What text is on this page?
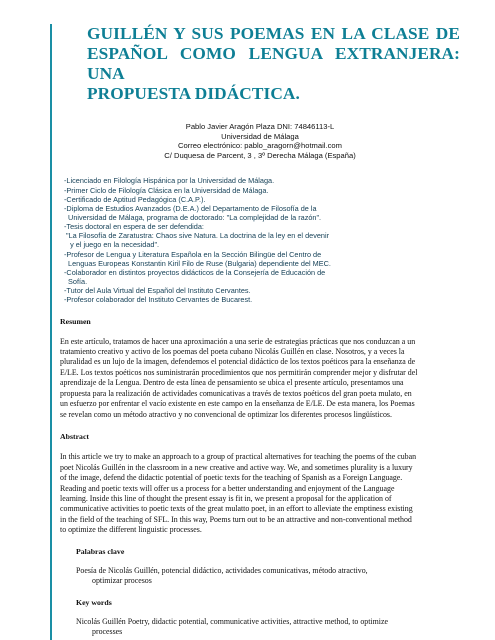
GUILLÉN Y SUS POEMAS EN LA CLASE DE
ESPAÑOL COMO LENGUA EXTRANJERA: UNA
PROPUESTA DIDÁCTICA.
Pablo Javier Aragón Plaza DNI: 74846113-L
Universidad de Málaga
Correo electrónico: pablo_aragorn@hotmail.com
C/ Duquesa de Parcent, 3 , 3º Derecha Málaga (España)
-Licenciado en Filología Hispánica por la Universidad de Málaga.
-Primer Ciclo de Filología Clásica en la Universidad de Málaga.
-Certificado de Aptitud Pedagógica (C.A.P.).
-Diploma de Estudios Avanzados (D.E.A.) del Departamento de Filosofía de la
Universidad de Málaga, programa de doctorado: "La complejidad de la razón".
-Tesis doctoral en espera de ser defendida:
"La Filosofía de Zaratustra: Chaos sive Natura. La doctrina de la ley en el devenir
y el juego en la necesidad".
-Profesor de Lengua y Literatura Española en la Sección Bilingüe del Centro de
Lenguas Europeas Konstantin Kiril Filo de Ruse (Bulgaria) dependiente del MEC.
-Colaborador en distintos proyectos didácticos de la Consejería de Educación de
Sofía.
-Tutor del Aula Virtual del Español del Instituto Cervantes.
-Profesor colaborador del Instituto Cervantes de Bucarest.
Resumen
En este artículo, tratamos de hacer una aproximación a una serie de estrategias prácticas que nos conduzcan a un
tratamiento creativo y activo de los poemas del poeta cubano Nicolás Guillén en clase. Nosotros, y a veces la
pluralidad es un lujo de la imagen, defendemos el potencial didáctico de los textos poéticos para la enseñanza de
E/LE. Los textos poéticos nos suministrarán procedimientos que nos permitirán comprender mejor y disfrutar del
aprendizaje de la Lengua. Dentro de esta línea de pensamiento se ubica el presente artículo, presentamos una
propuesta para la realización de actividades comunicativas a través de textos poéticos del gran poeta mulato, en
un esfuerzo por enfrentar el vacío existente en este campo en la enseñanza de E/LE. De esta manera, los Poemas
se revelan como un método atractivo y no convencional de optimizar los diferentes procesos lingüísticos.
Abstract
In this article we try to make an approach to a group of practical alternatives for teaching the poems of the cuban
poet Nicolás Guillén in the classroom in a new creative and active way. We, and sometimes plurality is a luxury
of the image, defend the didactic potential of poetic texts for the teaching of Spanish as a Foreign Language.
Reading and poetic texts will offer us a process for a better understanding and enjoyment of the Language
learning. Inside this line of thought the present essay is fit in, we present a proposal for the application of
communicative activities to poetic texts of the great mulatto poet, in an effort to alleviate the emptiness existing
in the field of the teaching of SFL. In this way, Poems turn out to be an attractive and non-conventional method
to optimize the different linguistic processes.
Palabras clave
Poesía de Nicolás Guillén, potencial didáctico, actividades comunicativas, método atractivo,
optimizar procesos
Key words
Nicolás Guillén Poetry, didactic potential, communicative activities, attractive method, to optimize
processes
